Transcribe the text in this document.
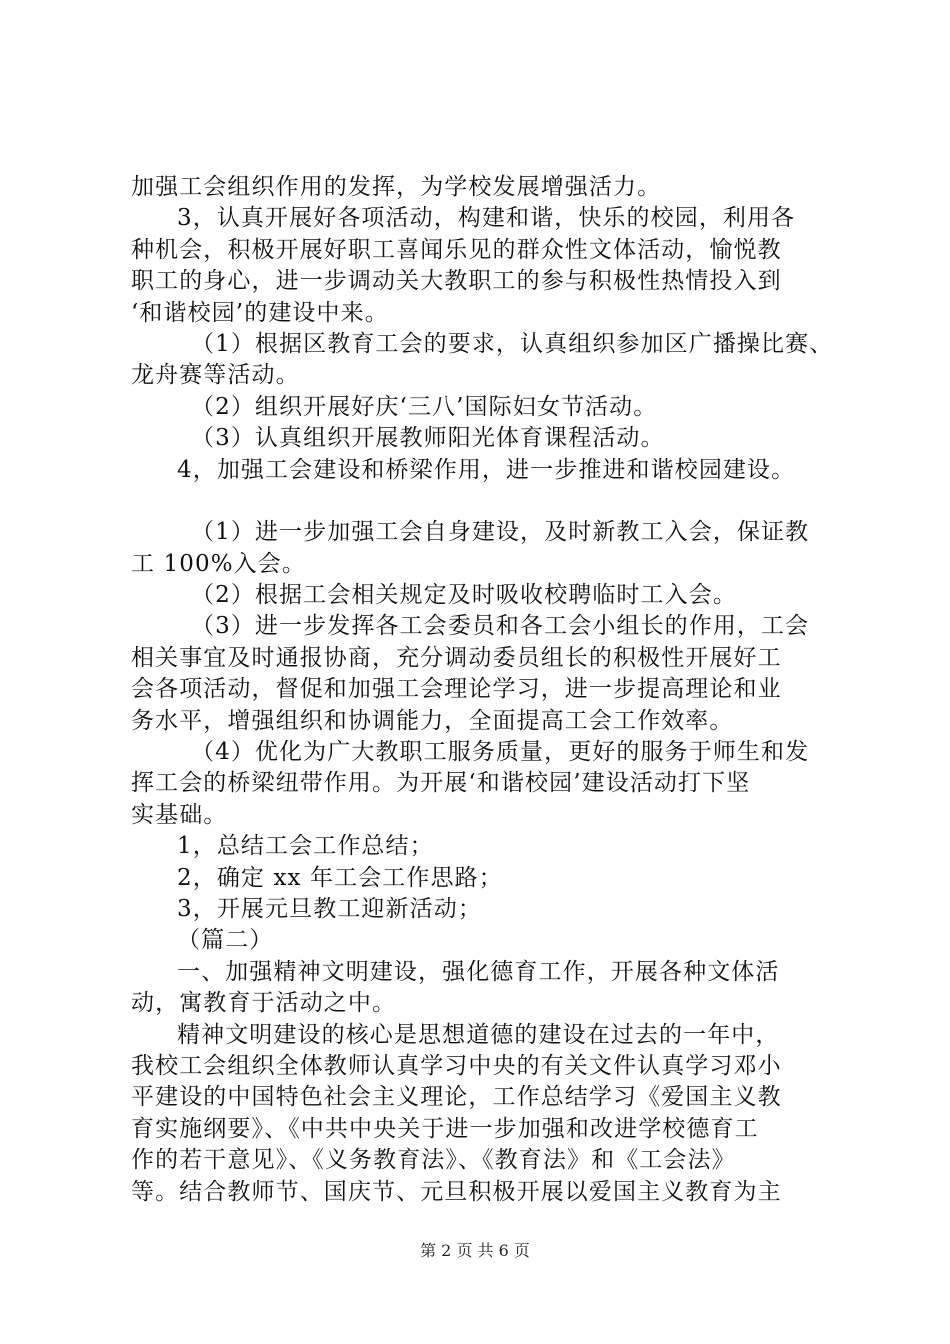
加强工会组织作用的发挥，为学校发展增强活力。
3，认真开展好各项活动，构建和谐，快乐的校园，利用各
种机会，积极开展好职工喜闻乐见的群众性文体活动，愉悦教
职工的身心，进一步调动关大教职工的参与积极性热情投入到
‘和谐校园’的建设中来。
（1）根据区教育工会的要求，认真组织参加区广播操比赛、
龙舟赛等活动。
（2）组织开展好庆‘三八’国际妇女节活动。
（3）认真组织开展教师阳光体育课程活动。
4，加强工会建设和桥梁作用，进一步推进和谐校园建设。
（1）进一步加强工会自身建设，及时新教工入会，保证教
工 100%入会。
（2）根据工会相关规定及时吸收校聘临时工入会。
（3）进一步发挥各工会委员和各工会小组长的作用，工会
相关事宜及时通报协商，充分调动委员组长的积极性开展好工
会各项活动，督促和加强工会理论学习，进一步提高理论和业
务水平，增强组织和协调能力，全面提高工会工作效率。
（4）优化为广大教职工服务质量，更好的服务于师生和发
挥工会的桥梁纽带作用。为开展‘和谐校园’建设活动打下坚
实基础。
1，总结工会工作总结；
2，确定 xx 年工会工作思路；
3，开展元旦教工迎新活动；
（篇二）
一、加强精神文明建设，强化德育工作，开展各种文体活
动，寓教育于活动之中。
精神文明建设的核心是思想道德的建设在过去的一年中，
我校工会组织全体教师认真学习中央的有关文件认真学习邓小
平建设的中国特色社会主义理论，工作总结学习《爱国主义教
育实施纲要》、《中共中央关于进一步加强和改进学校德育工
作的若干意见》、《义务教育法》、《教育法》和《工会法》
等。结合教师节、国庆节、元旦积极开展以爱国主义教育为主
第 2 页 共 6 页
